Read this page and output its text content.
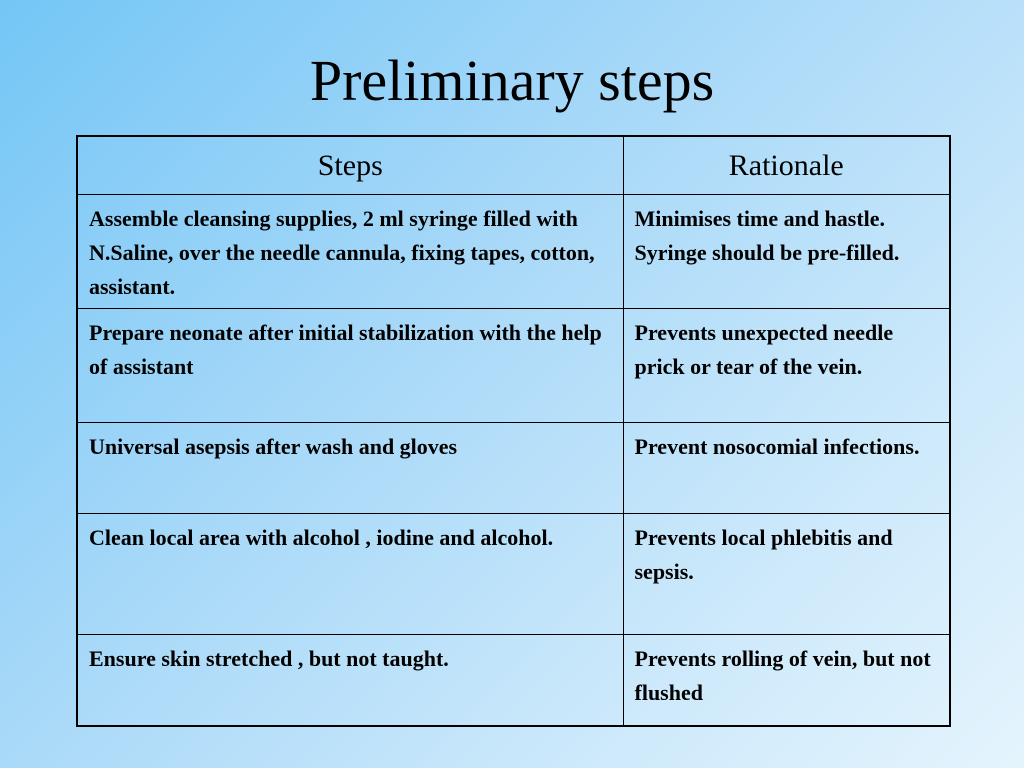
Preliminary steps
Steps	Rationale
Assemble cleansing supplies, 2 ml syringe filled with N.Saline, over the needle cannula, fixing tapes, cotton, assistant.	Minimises time and hastle. Syringe should be pre-filled.
Prepare neonate after initial stabilization with the help of assistant	Prevents unexpected needle prick or tear of the vein.
Universal asepsis after wash and gloves	Prevent nosocomial infections.
Clean local area with alcohol , iodine and alcohol.	Prevents local phlebitis and sepsis.
Ensure skin stretched , but not taught.	Prevents rolling of vein, but not flushed
